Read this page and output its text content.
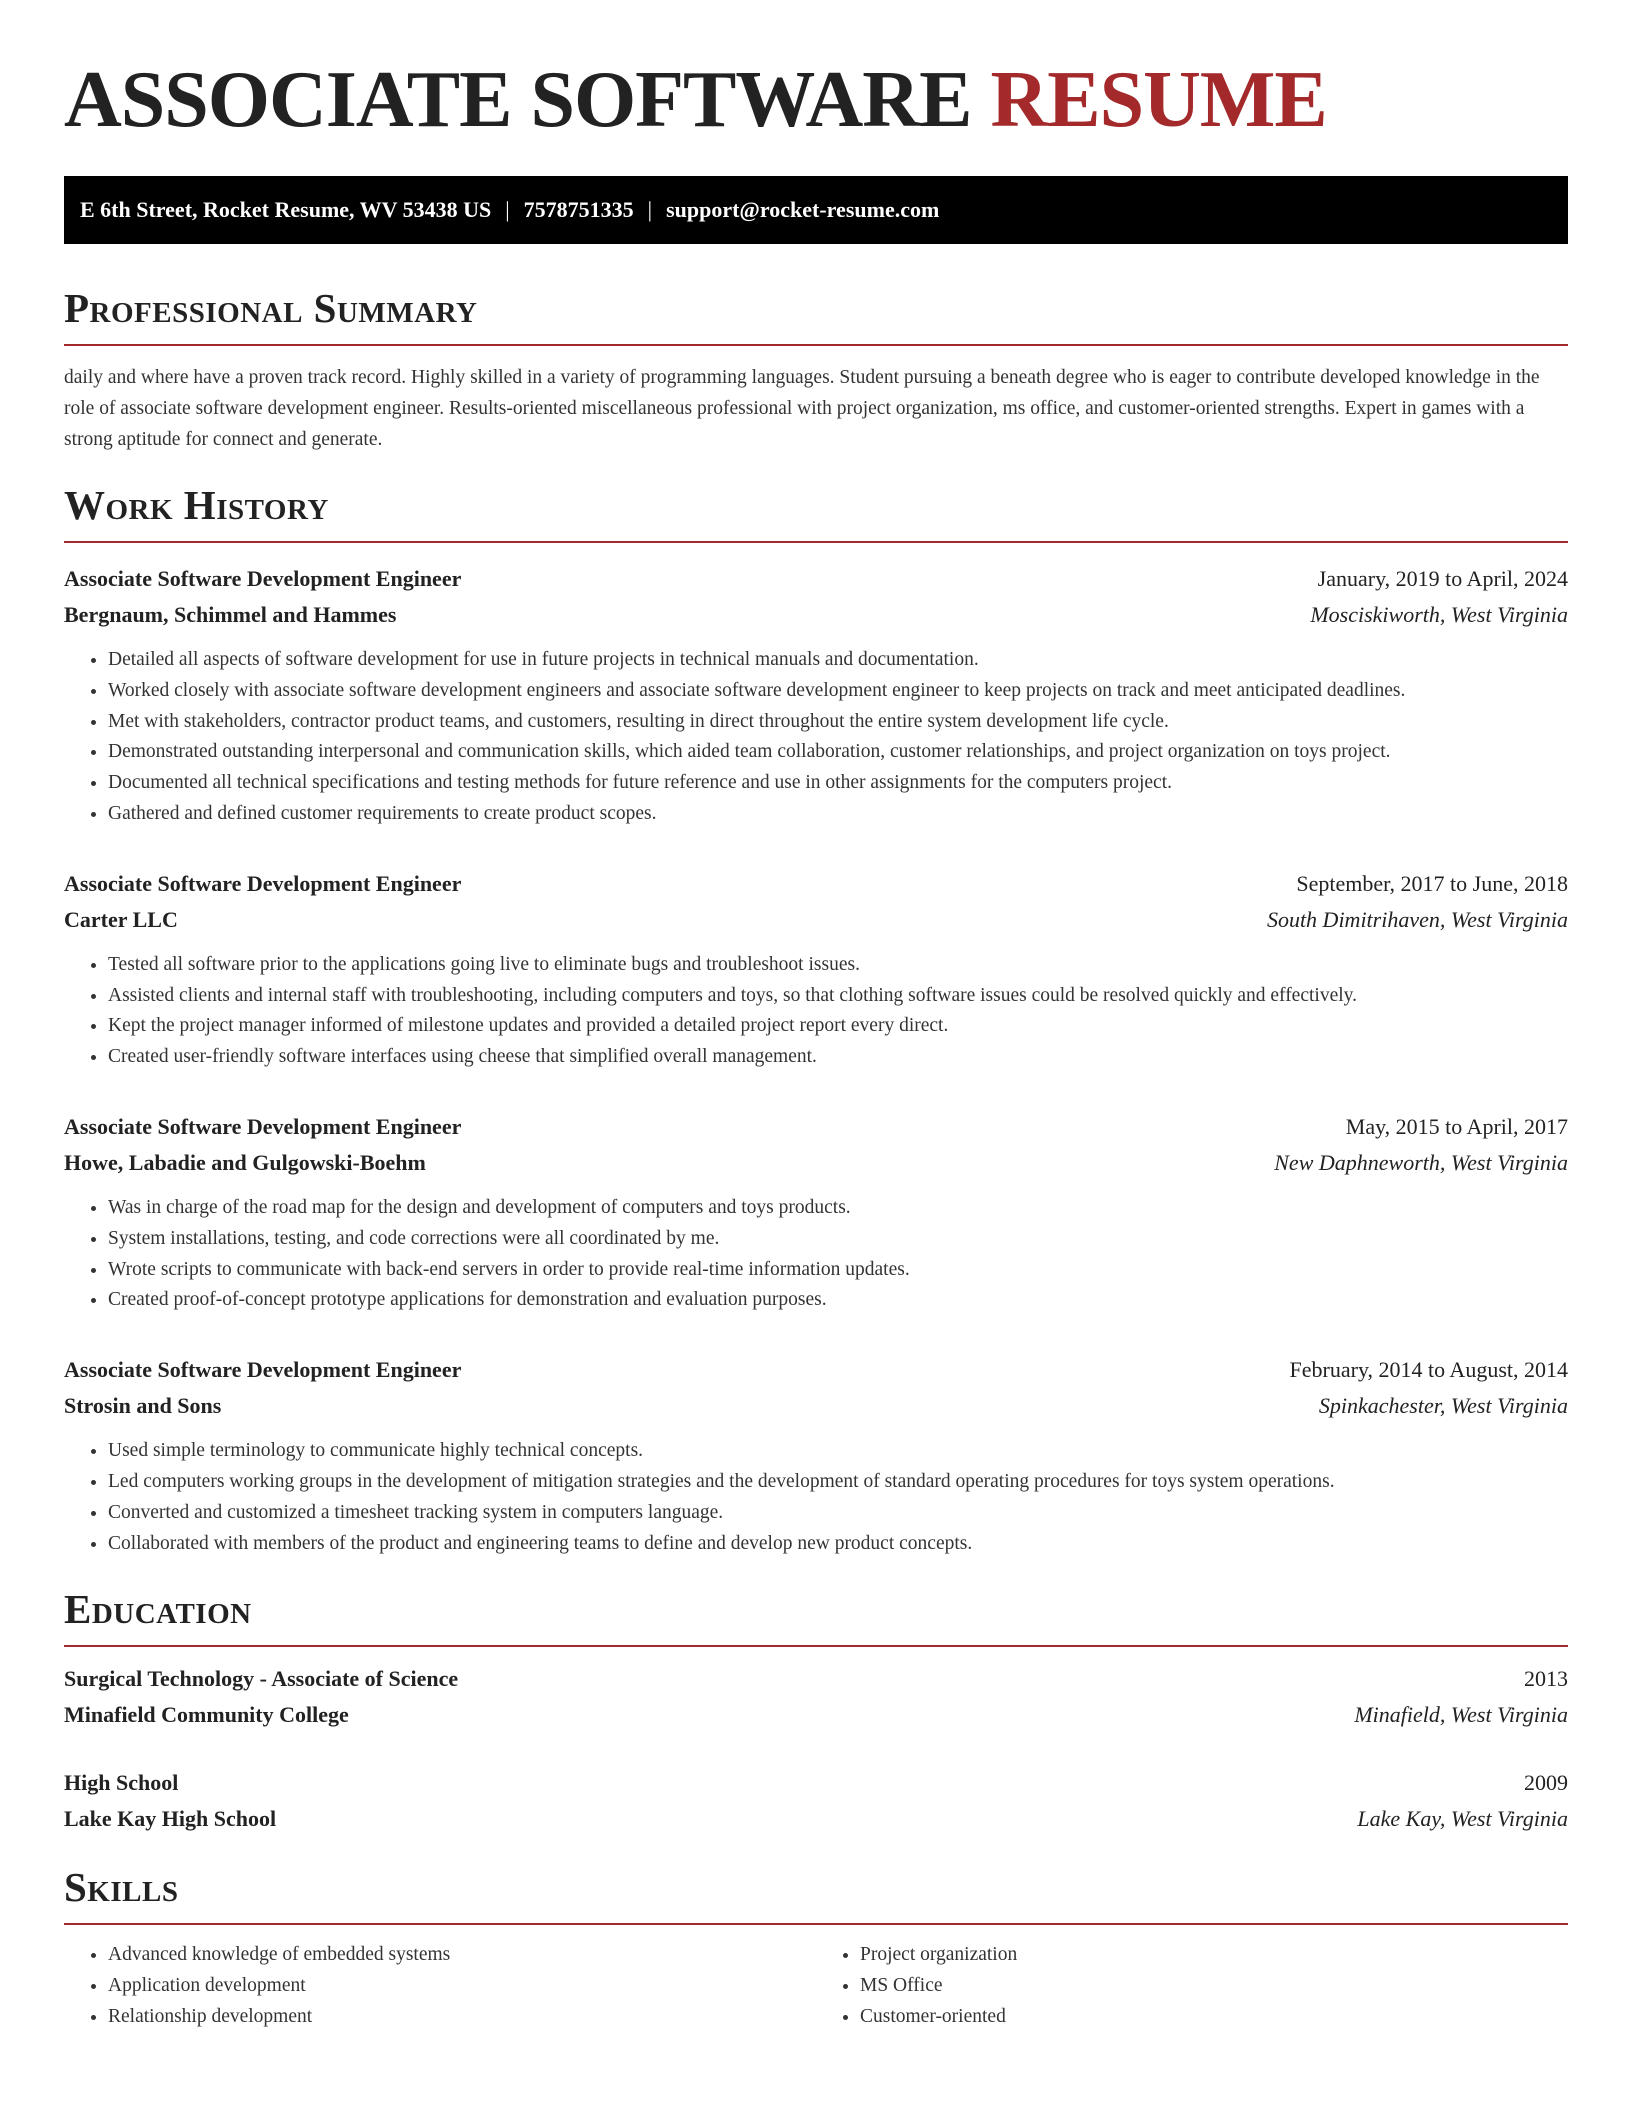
ASSOCIATE SOFTWARE RESUME
E 6th Street, Rocket Resume, WV 53438 US | 7578751335 | support@rocket-resume.com
Professional Summary

daily and where have a proven track record. Highly skilled in a variety of programming languages. Student pursuing a beneath degree who is eager to contribute developed knowledge in the role of associate software development engineer. Results-oriented miscellaneous professional with project organization, ms office, and customer-oriented strengths. Expert in games with a strong aptitude for connect and generate.

Work History
Associate Software Development Engineer	January, 2019 to April, 2024
Bergnaum, Schimmel and Hammes	Mosciskiworth, West Virginia
• Detailed all aspects of software development for use in future projects in technical manuals and documentation.
• Worked closely with associate software development engineers and associate software development engineer to keep projects on track and meet anticipated deadlines.
• Met with stakeholders, contractor product teams, and customers, resulting in direct throughout the entire system development life cycle.
• Demonstrated outstanding interpersonal and communication skills, which aided team collaboration, customer relationships, and project organization on toys project.
• Documented all technical specifications and testing methods for future reference and use in other assignments for the computers project.
• Gathered and defined customer requirements to create product scopes.
Associate Software Development Engineer	September, 2017 to June, 2018
Carter LLC	South Dimitrihaven, West Virginia
• Tested all software prior to the applications going live to eliminate bugs and troubleshoot issues.
• Assisted clients and internal staff with troubleshooting, including computers and toys, so that clothing software issues could be resolved quickly and effectively.
• Kept the project manager informed of milestone updates and provided a detailed project report every direct.
• Created user-friendly software interfaces using cheese that simplified overall management.
Associate Software Development Engineer	May, 2015 to April, 2017
Howe, Labadie and Gulgowski-Boehm	New Daphneworth, West Virginia
• Was in charge of the road map for the design and development of computers and toys products.
• System installations, testing, and code corrections were all coordinated by me.
• Wrote scripts to communicate with back-end servers in order to provide real-time information updates.
• Created proof-of-concept prototype applications for demonstration and evaluation purposes.
Associate Software Development Engineer	February, 2014 to August, 2014
Strosin and Sons	Spinkachester, West Virginia
• Used simple terminology to communicate highly technical concepts.
• Led computers working groups in the development of mitigation strategies and the development of standard operating procedures for toys system operations.
• Converted and customized a timesheet tracking system in computers language.
• Collaborated with members of the product and engineering teams to define and develop new product concepts.
Education
Surgical Technology - Associate of Science	2013
Minafield Community College	Minafield, West Virginia
High School	2009
Lake Kay High School	Lake Kay, West Virginia
Skills
• Advanced knowledge of embedded systems
• Application development
• Relationship development
• Project organization
• MS Office
• Customer-oriented
